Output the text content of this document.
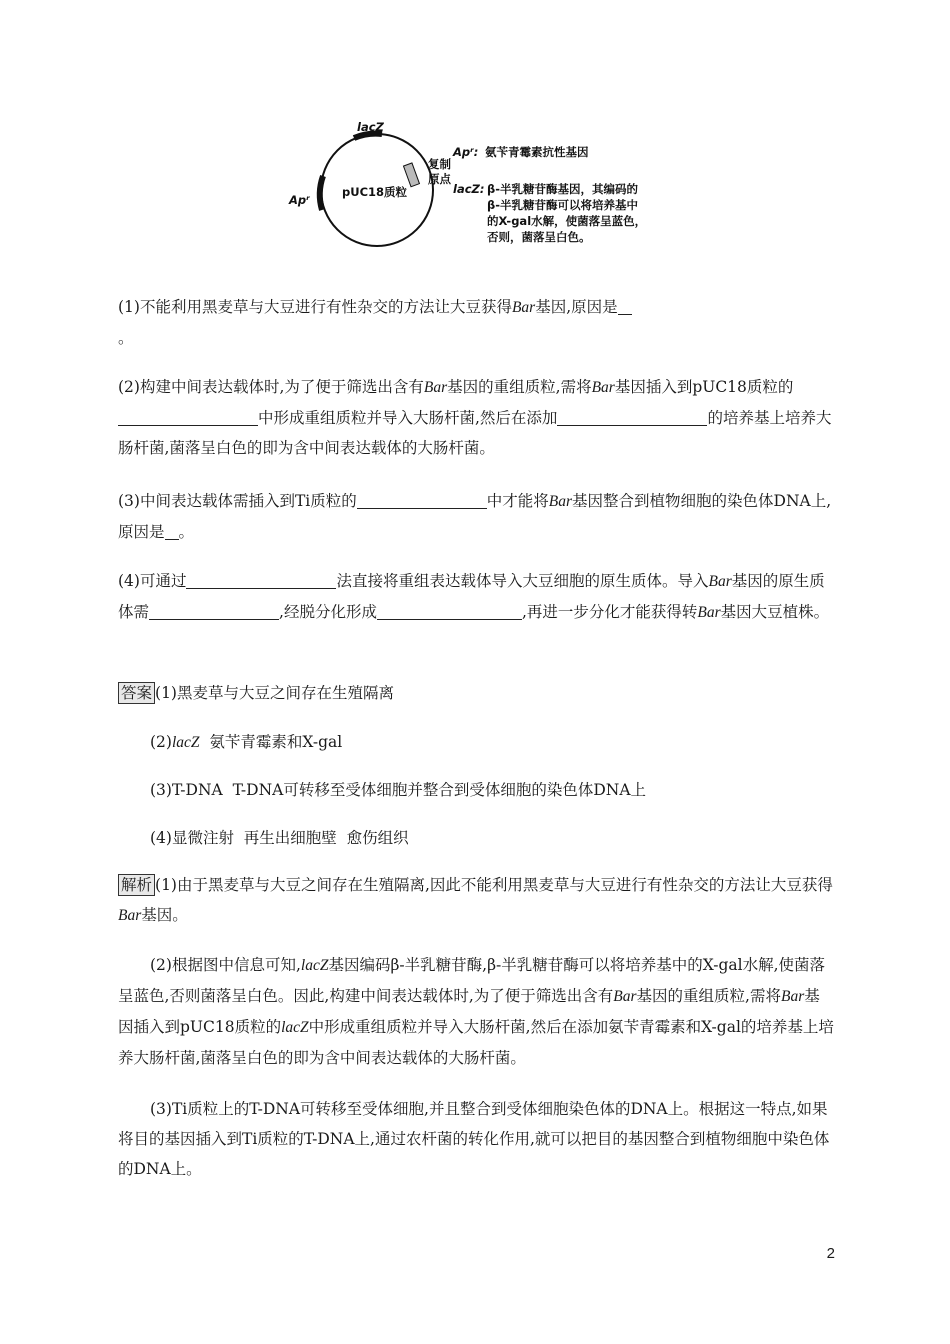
lacZ
Apʳ
pUC18质粒
复制
原点
Apʳ: 氨苄青霉素抗性基因
lacZ: β-半乳糖苷酶基因，其编码的
β-半乳糖苷酶可以将培养基中
的X-gal水解，使菌落呈蓝色，
否则，菌落呈白色。
(1)不能利用黑麦草与大豆进行有性杂交的方法让大豆获得Bar基因,原因是
。
(2)构建中间表达载体时,为了便于筛选出含有Bar基因的重组质粒,需将Bar基因插入到pUC18质粒的中形成重组质粒并导入大肠杆菌,然后在添加	的培养基上培养大肠杆菌,菌落呈白色的即为含中间表达载体的大肠杆菌。
(3)中间表达载体需插入到Ti质粒的	中才能将Bar基因整合到植物细胞的染色体DNA上,原因是 。
(4)可通过	法直接将重组表达载体导入大豆细胞的原生质体。导入Bar基因的原生质体需	,经脱分化形成	,再进一步分化才能获得转Bar基因大豆植株。
答案 (1)黑麦草与大豆之间存在生殖隔离
(2)lacZ  氨苄青霉素和X-gal
(3)T-DNA  T-DNA可转移至受体细胞并整合到受体细胞的染色体DNA上
(4)显微注射  再生出细胞壁  愈伤组织
解析 (1)由于黑麦草与大豆之间存在生殖隔离,因此不能利用黑麦草与大豆进行有性杂交的方法让大豆获得Bar基因。
(2)根据图中信息可知,lacZ基因编码β-半乳糖苷酶,β-半乳糖苷酶可以将培养基中的X-gal水解,使菌落呈蓝色,否则菌落呈白色。因此,构建中间表达载体时,为了便于筛选出含有Bar基因的重组质粒,需将Bar基因插入到pUC18质粒的lacZ中形成重组质粒并导入大肠杆菌,然后在添加氨苄青霉素和X-gal的培养基上培养大肠杆菌,菌落呈白色的即为含中间表达载体的大肠杆菌。
(3)Ti质粒上的T-DNA可转移至受体细胞,并且整合到受体细胞染色体的DNA上。根据这一特点,如果将目的基因插入到Ti质粒的T-DNA上,通过农杆菌的转化作用,就可以把目的基因整合到植物细胞中染色体的DNA上。
2
